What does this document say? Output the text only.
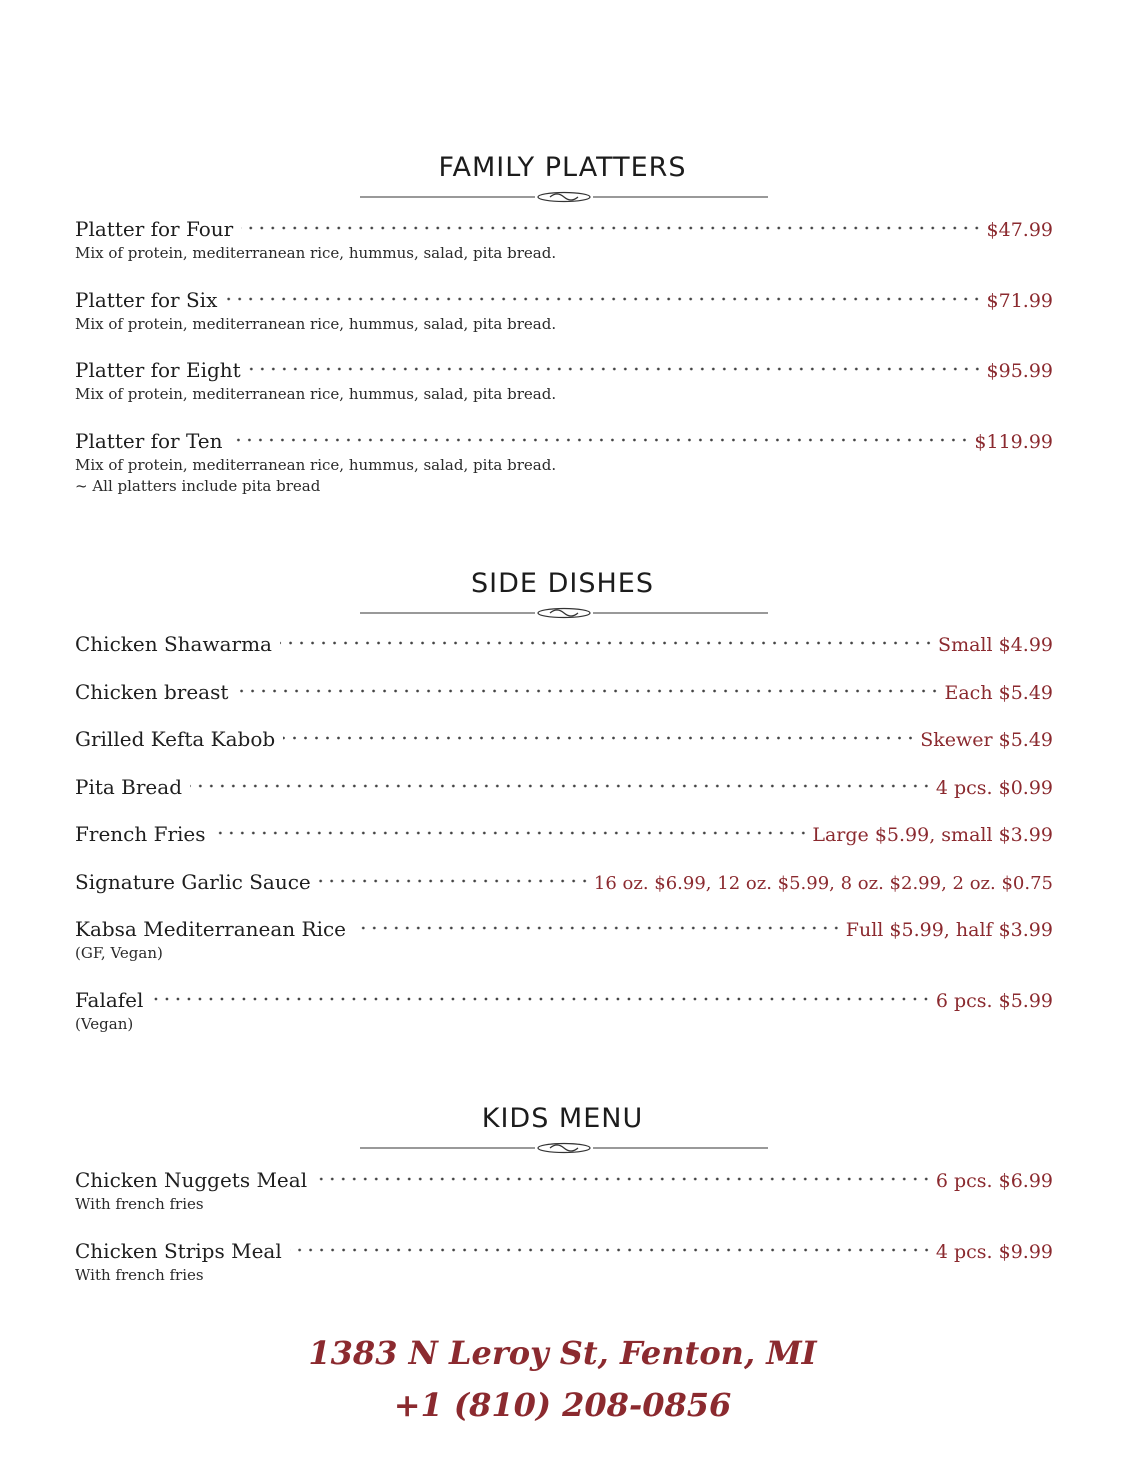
FAMILY PLATTERS
Platter for Four	$47.99
Mix of protein, mediterranean rice, hummus, salad, pita bread.
Platter for Six	$71.99
Mix of protein, mediterranean rice, hummus, salad, pita bread.
Platter for Eight	$95.99
Mix of protein, mediterranean rice, hummus, salad, pita bread.
Platter for Ten	$119.99
Mix of protein, mediterranean rice, hummus, salad, pita bread.
~ All platters include pita bread
SIDE DISHES
Chicken Shawarma	Small $4.99
Chicken breast	Each $5.49
Grilled Kefta Kabob	Skewer $5.49
Pita Bread	4 pcs. $0.99
French Fries	Large $5.99, small $3.99
Signature Garlic Sauce	16 oz. $6.99, 12 oz. $5.99, 8 oz. $2.99, 2 oz. $0.75
Kabsa Mediterranean Rice	Full $5.99, half $3.99
(GF, Vegan)
Falafel	6 pcs. $5.99
(Vegan)
KIDS MENU
Chicken Nuggets Meal	6 pcs. $6.99
With french fries
Chicken Strips Meal	4 pcs. $9.99
With french fries
1383 N Leroy St, Fenton, MI
+1 (810) 208-0856
